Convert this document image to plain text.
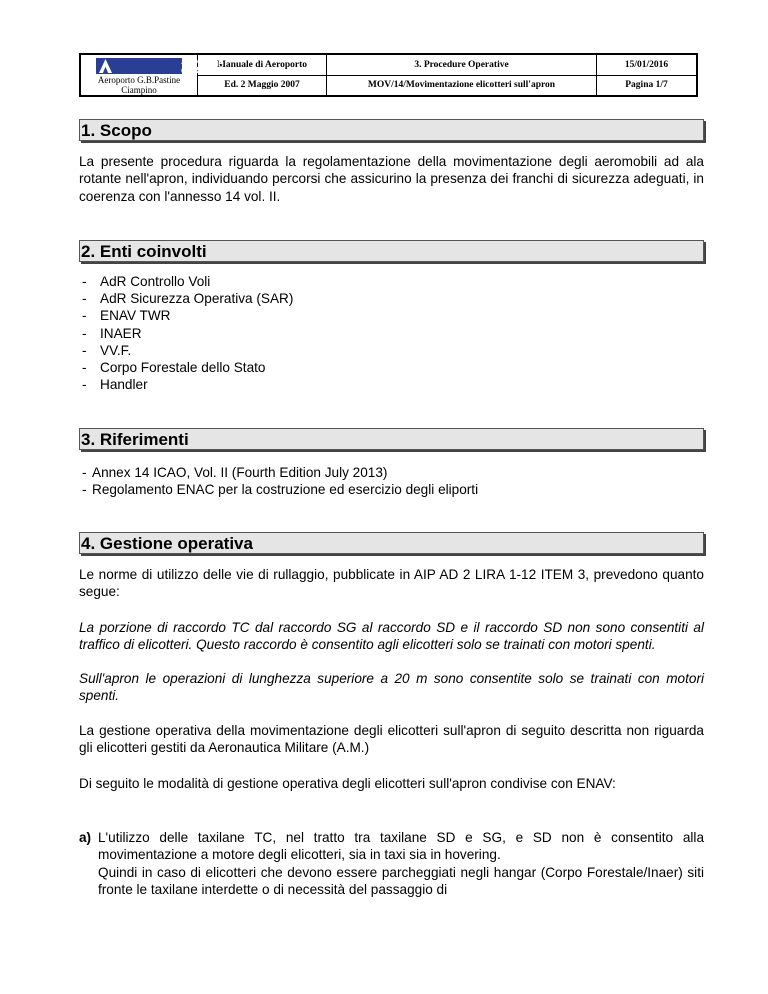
Aeroporti
di Roma
Aeroporto G.B.Pastine
Ciampino
Manuale di Aeroporto
Ed. 2 Maggio 2007
3. Procedure Operative
MOV/14/Movimentazione elicotteri sull'apron
15/01/2016
Pagina 1/7
1. Scopo
La presente procedura riguarda la regolamentazione della movimentazione degli aeromobili ad ala rotante nell'apron, individuando percorsi che assicurino la presenza dei franchi di sicurezza adeguati, in coerenza con l'annesso 14 vol. II.
2. Enti coinvolti
- AdR Controllo Voli
- AdR Sicurezza Operativa (SAR)
- ENAV TWR
- INAER
- VV.F.
- Corpo Forestale dello Stato
- Handler
3. Riferimenti
- Annex 14 ICAO, Vol. II (Fourth Edition July 2013)
- Regolamento ENAC per la costruzione ed esercizio degli eliporti
4. Gestione operativa
Le norme di utilizzo delle vie di rullaggio, pubblicate in AIP AD 2 LIRA 1-12 ITEM 3, prevedono quanto segue:
La porzione di raccordo TC dal raccordo SG al raccordo SD e il raccordo SD non sono consentiti al traffico di elicotteri. Questo raccordo è consentito agli elicotteri solo se trainati con motori spenti.
Sull'apron le operazioni di lunghezza superiore a 20 m sono consentite solo se trainati con motori spenti.
La gestione operativa della movimentazione degli elicotteri sull'apron di seguito descritta non riguarda gli elicotteri gestiti da Aeronautica Militare (A.M.)
Di seguito le modalità di gestione operativa degli elicotteri sull'apron condivise con ENAV:
a) L'utilizzo delle taxilane TC, nel tratto tra taxilane SD e SG, e SD non è consentito alla movimentazione a motore degli elicotteri, sia in taxi sia in hovering.
Quindi in caso di elicotteri che devono essere parcheggiati negli hangar (Corpo Forestale/Inaer) siti fronte le taxilane interdette o di necessità del passaggio di
